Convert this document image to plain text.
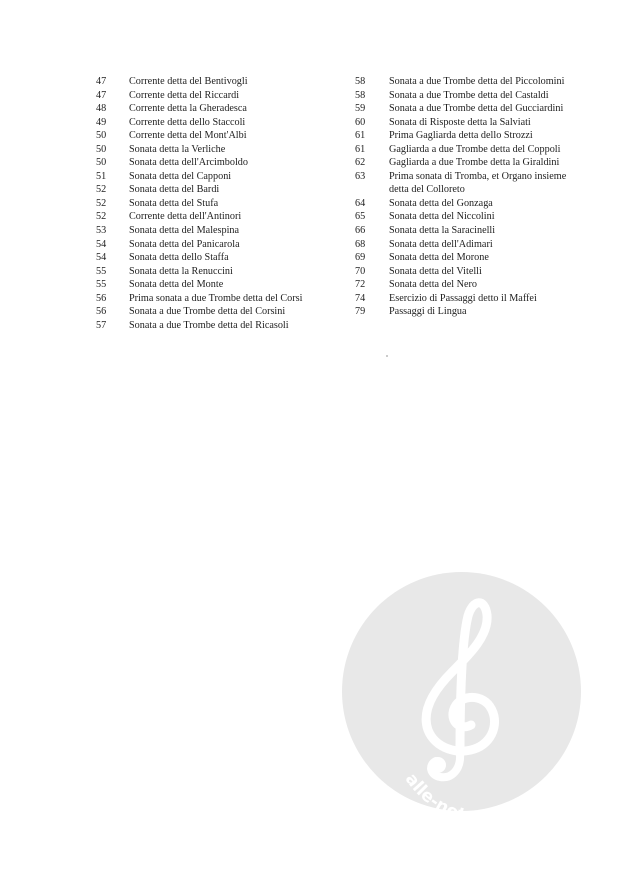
47	Corrente detta del Bentivogli
47	Corrente detta del Riccardi
48	Corrente detta la Gheradesca
49	Corrente detta dello Staccoli
50	Corrente detta del Mont'Albi
50	Sonata detta la Verliche
50	Sonata detta dell'Arcimboldo
51	Sonata detta del Capponi
52	Sonata detta del Bardi
52	Sonata detta del Stufa
52	Corrente detta dell'Antinori
53	Sonata detta del Malespina
54	Sonata detta del Panicarola
54	Sonata detta dello Staffa
55	Sonata detta la Renuccini
55	Sonata detta del Monte
56	Prima sonata a due Trombe detta del Corsi
56	Sonata a due Trombe detta del Corsini
57	Sonata a due Trombe detta del Ricasoli
58	Sonata a due Trombe detta del Piccolomini
58	Sonata a due Trombe detta del Castaldi
59	Sonata a due Trombe detta del Gucciardini
60	Sonata di Risposte detta la Salviati
61	Prima Gagliarda detta dello Strozzi
61	Gagliarda a due Trombe detta del Coppoli
62	Gagliarda a due Trombe detta la Giraldini
63	Prima sonata di Tromba, et Organo insieme
detta del Colloreto
64	Sonata detta del Gonzaga
65	Sonata detta del Niccolini
66	Sonata detta la Saracinelli
68	Sonata detta dell'Adimari
69	Sonata detta del Morone
70	Sonata detta del Vitelli
72	Sonata detta del Nero
74	Esercizio di Passaggi detto il Maffei
79	Passaggi di Lingua
alle-n
